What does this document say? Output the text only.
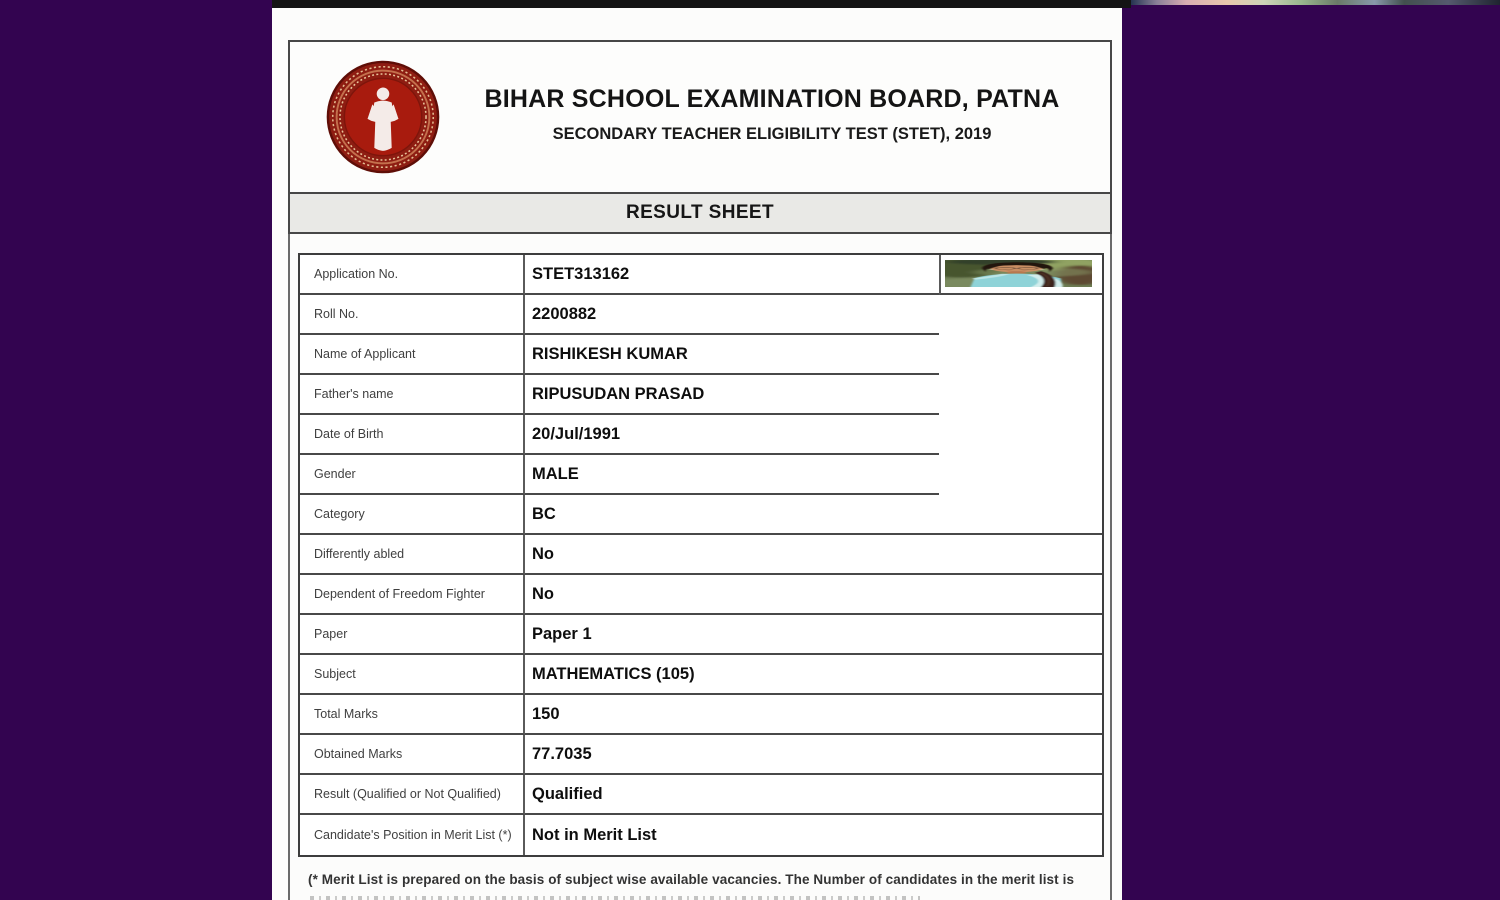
BIHAR SCHOOL EXAMINATION BOARD, PATNA
SECONDARY TEACHER ELIGIBILITY TEST (STET), 2019
RESULT SHEET
Application No.	STET313162
Roll No.	2200882
Name of Applicant	RISHIKESH KUMAR
Father's name	RIPUSUDAN PRASAD
Date of Birth	20/Jul/1991
Gender	MALE
Category	BC
Differently abled	No
Dependent of Freedom Fighter	No
Paper	Paper 1
Subject	MATHEMATICS (105)
Total Marks	150
Obtained Marks	77.7035
Result (Qualified or Not Qualified)	Qualified
Candidate's Position in Merit List (*)	Not in Merit List
(* Merit List is prepared on the basis of subject wise available vacancies. The Number of candidates in the merit list is
